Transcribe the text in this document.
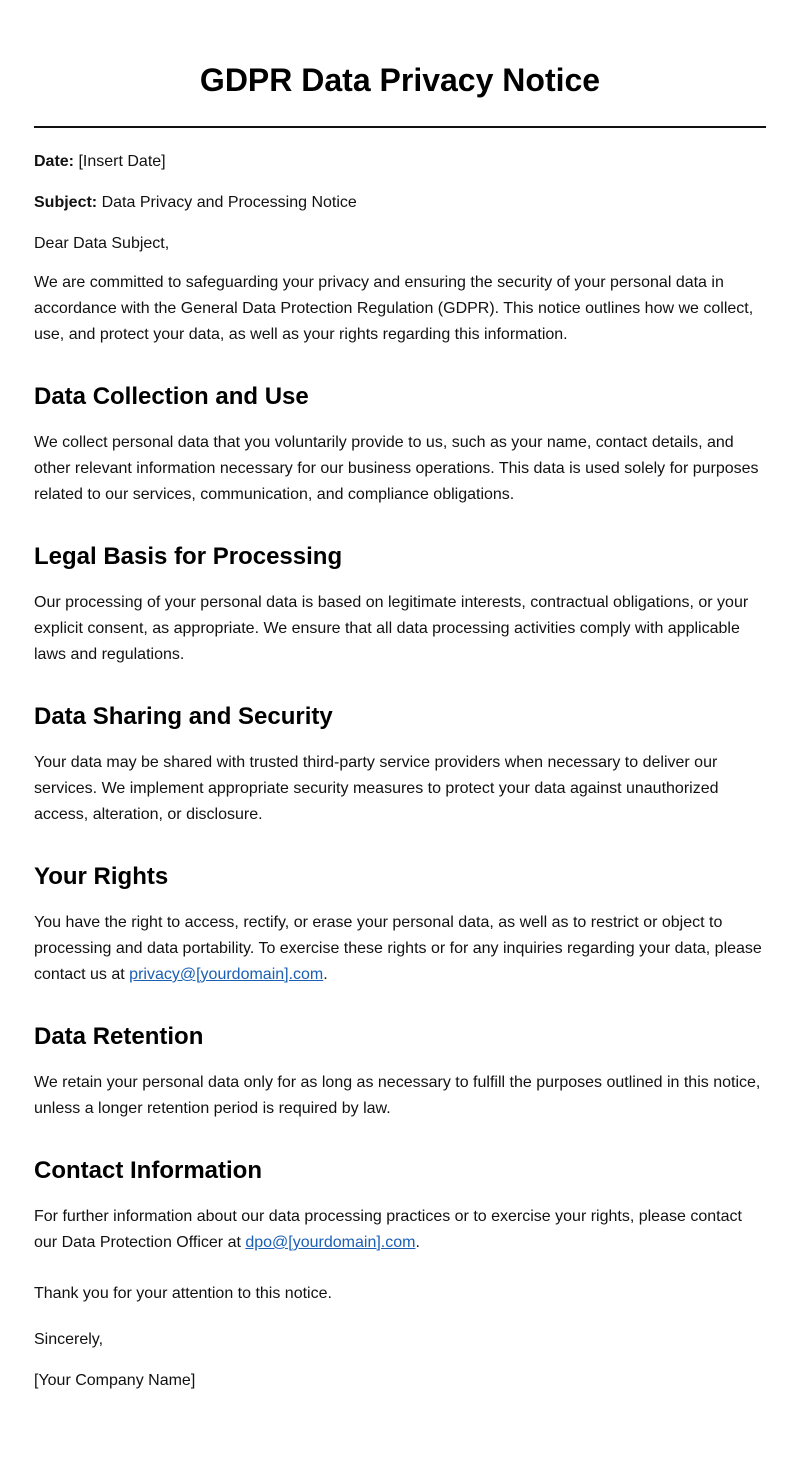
GDPR Data Privacy Notice

Date: [Insert Date]

Subject: Data Privacy and Processing Notice

Dear Data Subject,

We are committed to safeguarding your privacy and ensuring the security of your personal data in accordance with the General Data Protection Regulation (GDPR). This notice outlines how we collect, use, and protect your data, as well as your rights regarding this information.

Data Collection and Use

We collect personal data that you voluntarily provide to us, such as your name, contact details, and other relevant information necessary for our business operations. This data is used solely for purposes related to our services, communication, and compliance obligations.

Legal Basis for Processing

Our processing of your personal data is based on legitimate interests, contractual obligations, or your explicit consent, as appropriate. We ensure that all data processing activities comply with applicable laws and regulations.

Data Sharing and Security

Your data may be shared with trusted third-party service providers when necessary to deliver our services. We implement appropriate security measures to protect your data against unauthorized access, alteration, or disclosure.

Your Rights

You have the right to access, rectify, or erase your personal data, as well as to restrict or object to processing and data portability. To exercise these rights or for any inquiries regarding your data, please contact us at privacy@[yourdomain].com.

Data Retention

We retain your personal data only for as long as necessary to fulfill the purposes outlined in this notice, unless a longer retention period is required by law.

Contact Information

For further information about our data processing practices or to exercise your rights, please contact our Data Protection Officer at dpo@[yourdomain].com.

Thank you for your attention to this notice.

Sincerely,

[Your Company Name]
